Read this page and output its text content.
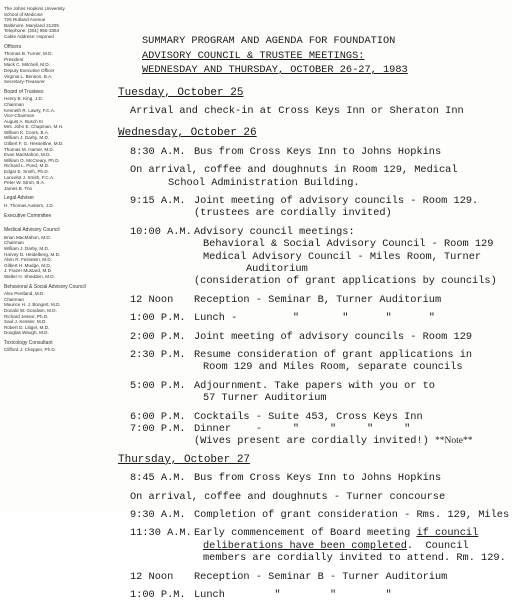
The Johns Hopkins University
School of Medicine
725 Rutland Avenue
Baltimore, Maryland 21205
Telephone: (301) 955-3354
Cable Address: Hopmed
Officers
Thomas B. Turner, M.D.
President
Mack C. Mitchell, M.D.
Deputy Executive Officer
Virginia L. Benson, B.A.
Secretary-Treasurer
Board of Trustees
Henry B. King, J.D.
Chairman
Kenneth R. Lawry, F.C.A.
Vice-Chairman
August A. Busch III
Mrs. John E. Chapman, M.H.
William K. Coors, B.A.
William J. Darby, M.D.
Gilbert F. G. Hesseltine, M.D.
Thomas M. Hamer, M.D.
Evan MacMahon, M.D.
William O. McCreary, Ph.D.
Richard L. Pond, M.D.
Edgar E. Smith, Ph.D.
Lancelot J. Smith, F.C.A.
Peter W. Stroh, B.A.
James B. Trio
Legal Adviser
H. Thomas Austern, J.D.
Executive Committee
Medical Advisory Council
Brian MacMahon, M.D.
Chairman
William J. Darby, M.D.
Harvey D. Heidelberg, M.D.
Alvin R. Feinstein, M.D.
Gilbert H. Mudge, M.D.
J. Frazer Mustard, M.D.
Walter H. Shedden, M.D.
Behavioral & Social Advisory Council
Alex Pentland, M.D.
Chairman
Maurice H. J. Bongert, M.D.
Donald W. Goodwin, M.D.
Richard Jessor, Ph.D.
Saul J. Kessler, M.D.
Robert D. Litigel, M.D.
Douglas Waugh, M.D.
Toxicology Consultant
Clifford J. Chepper, Ph.D.
SUMMARY PROGRAM AND AGENDA FOR FOUNDATION
ADVISORY COUNCIL & TRUSTEE MEETINGS:
WEDNESDAY AND THURSDAY, OCTOBER 26-27, 1983
Tuesday, October 25
Arrival and check-in at Cross Keys Inn or Sheraton Inn
Wednesday, October 26
8:30 A.M. Bus from Cross Keys Inn to Johns Hopkins
On arrival, coffee and doughnuts in Room 129, Medical
School Administration Building.
9:15 A.M. Joint meeting of advisory councils - Room 129.
(trustees are cordially invited)
10:00 A.M. Advisory council meetings:
Behavioral & Social Advisory Council - Room 129
Medical Advisory Council - Miles Room, Turner
Auditorium
(consideration of grant applications by councils)
12 Noon Reception - Seminar B, Turner Auditorium
1:00 P.M. Lunch -         "       "      "      "
2:00 P.M. Joint meeting of advisory councils - Room 129
2:30 P.M. Resume consideration of grant applications in
Room 129 and Miles Room, separate councils
5:00 P.M. Adjournment. Take papers with you or to
57 Turner Auditorium
6:00 P.M. Cocktails - Suite 453, Cross Keys Inn
7:00 P.M. Dinner    -     "     "     "     "
(Wives present are cordially invited!) **Note**
Thursday, October 27
8:45 A.M. Bus from Cross Keys Inn to Johns Hopkins
On arrival, coffee and doughnuts - Turner concourse
9:30 A.M. Completion of grant consideration - Rms. 129, Miles
11:30 A.M. Early commencement of Board meeting if council
deliberations have been completed.  Council
members are cordially invited to attend. Rm. 129.
12 Noon Reception - Seminar B - Turner Auditorium
1:00 P.M. Lunch        "        "        "
